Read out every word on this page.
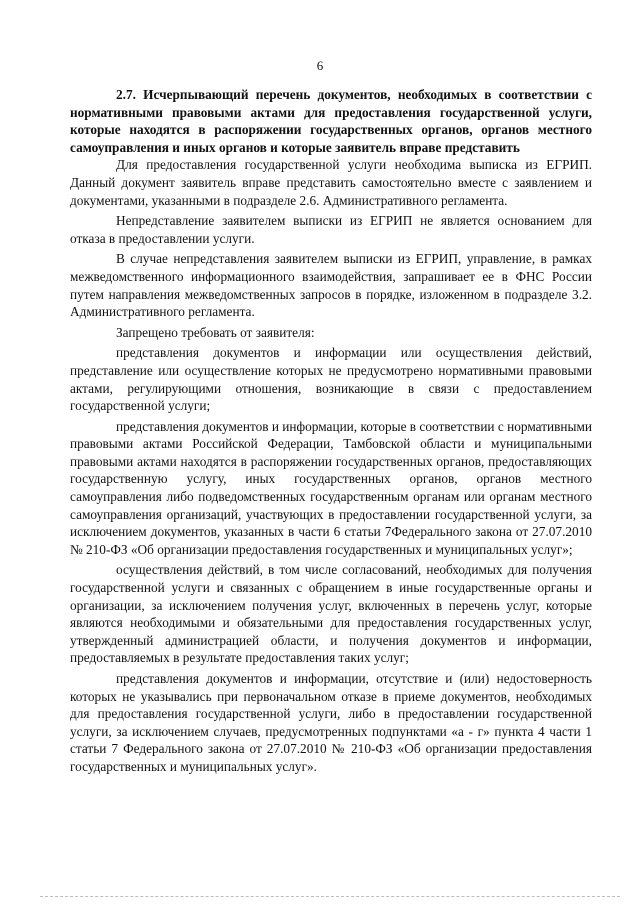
6

2.7. Исчерпывающий перечень документов, необходимых в соответствии с нормативными правовыми актами для предоставления государственной услуги, которые находятся в распоряжении государственных органов, органов местного самоуправления и иных органов и которые заявитель вправе представить

Для предоставления государственной услуги необходима выписка из ЕГРИП. Данный документ заявитель вправе представить самостоятельно вместе с заявлением и документами, указанными в подразделе 2.6. Административного регламента.

Непредставление заявителем выписки из ЕГРИП не является основанием для отказа в предоставлении услуги.

В случае непредставления заявителем выписки из ЕГРИП, управление, в рамках межведомственного информационного взаимодействия, запрашивает ее в ФНС России путем направления межведомственных запросов в порядке, изложенном в подразделе 3.2. Административного регламента.

Запрещено требовать от заявителя:

представления документов и информации или осуществления действий, представление или осуществление которых не предусмотрено нормативными правовыми актами, регулирующими отношения, возникающие в связи с предоставлением государственной услуги;

представления документов и информации, которые в соответствии с нормативными правовыми актами Российской Федерации, Тамбовской области и муниципальными правовыми актами находятся в распоряжении государственных органов, предоставляющих государственную услугу, иных государственных органов, органов местного самоуправления либо подведомственных государственным органам или органам местного самоуправления организаций, участвующих в предоставлении государственной услуги, за исключением документов, указанных в части 6 статьи 7Федерального закона от 27.07.2010 № 210-ФЗ «Об организации предоставления государственных и муниципальных услуг»;

осуществления действий, в том числе согласований, необходимых для получения государственной услуги и связанных с обращением в иные государственные органы и организации, за исключением получения услуг, включенных в перечень услуг, которые являются необходимыми и обязательными для предоставления государственных услуг, утвержденный администрацией области, и получения документов и информации, предоставляемых в результате предоставления таких услуг;

представления документов и информации, отсутствие и (или) недостоверность которых не указывались при первоначальном отказе в приеме документов, необходимых для предоставления государственной услуги, либо в предоставлении государственной услуги, за исключением случаев, предусмотренных подпунктами «а - г» пункта 4 части 1 статьи 7 Федерального закона от 27.07.2010 № 210-ФЗ «Об организации предоставления государственных и муниципальных услуг».
